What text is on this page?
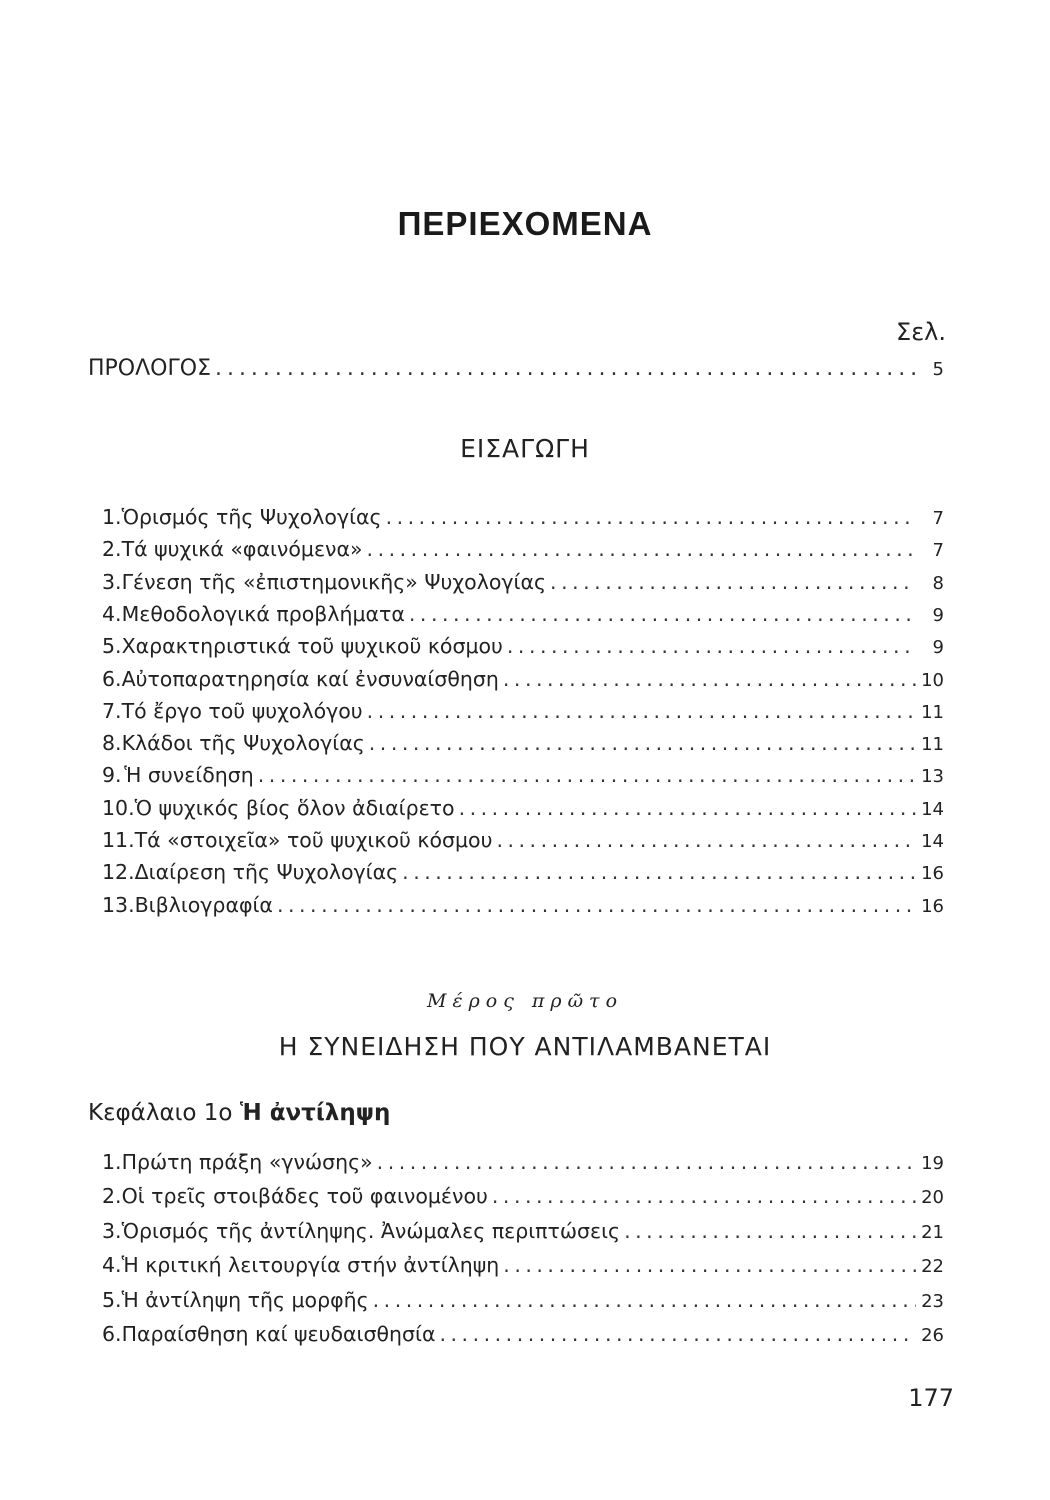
ΠΕΡΙΕΧΟΜΕΝΑ
Σελ.
ΠΡΟΛΟΓΟΣ . . .	5
ΕΙΣΑΓΩΓΗ
1. Ὁρισμός τῆς Ψυχολογίας . . .	7
2. Τά ψυχικά «φαινόμενα» . . .	7
3. Γένεση τῆς «ἐπιστημονικῆς» Ψυχολογίας . . .	8
4. Μεθοδολογικά προβλήματα . . .	9
5. Χαρακτηριστικά τοῦ ψυχικοῦ κόσμου . . .	9
6. Αὐτοπαρατηρησία καί ἐνσυναίσθηση . . .	10
7. Τό ἔργο τοῦ ψυχολόγου . . .	11
8. Κλάδοι τῆς Ψυχολογίας . . .	11
9. Ἡ συνείδηση . . .	13
10. Ὁ ψυχικός βίος ὅλον ἀδιαίρετο . . .	14
11. Τά «στοιχεῖα» τοῦ ψυχικοῦ κόσμου . . .	14
12. Διαίρεση τῆς Ψυχολογίας . . .	16
13. Βιβλιογραφία . . .	16
Μέρος πρῶτο
Η ΣΥΝΕΙΔΗΣΗ ΠΟΥ ΑΝΤΙΛΑΜΒΑΝΕΤΑΙ
Κεφάλαιο 1ο Ἡ ἀντίληψη
1. Πρώτη πράξη «γνώσης» . . .	19
2. Οἱ τρεῖς στοιβάδες τοῦ φαινομένου . . .	20
3. Ὁρισμός τῆς ἀντίληψης. Ἀνώμαλες περιπτώσεις . . .	21
4. Ἡ κριτική λειτουργία στήν ἀντίληψη . . .	22
5. Ἡ ἀντίληψη τῆς μορφῆς . . .	23
6. Παραίσθηση καί ψευδαισθησία . . .	26
177
